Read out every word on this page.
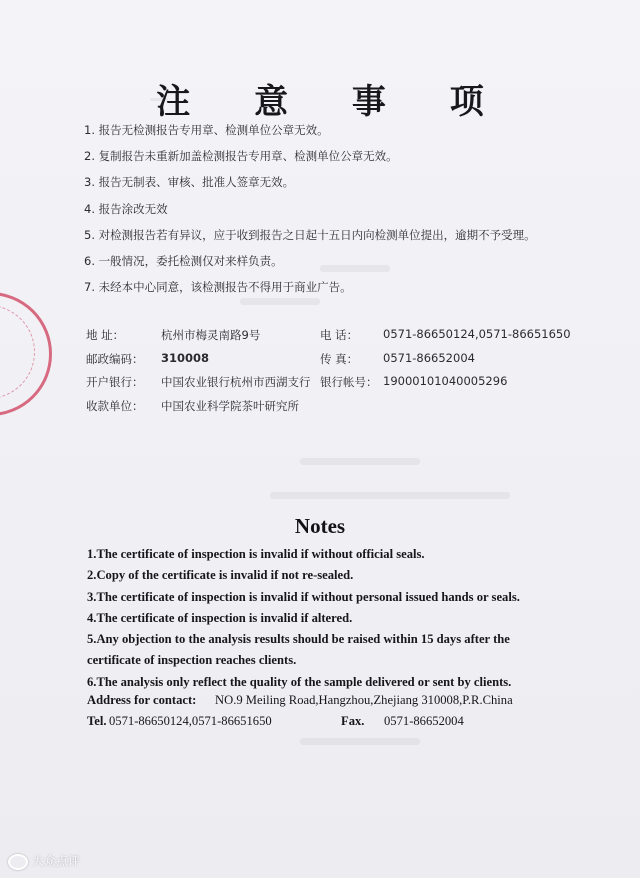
注 意 事 项
1. 报告无检测报告专用章、检测单位公章无效。
2. 复制报告未重新加盖检测报告专用章、检测单位公章无效。
3. 报告无制表、审核、批准人签章无效。
4. 报告涂改无效
5. 对检测报告若有异议，应于收到报告之日起十五日内向检测单位提出，逾期不予受理。
6. 一般情况，委托检测仅对来样负责。
7. 未经本中心同意，该检测报告不得用于商业广告。
地 址：	杭州市梅灵南路9号	电 话： 0571-86650124,0571-86651650
邮政编码： 310008	传 真： 0571-86652004
开户银行： 中国农业银行杭州市西湖支行 银行帐号： 19000101040005296
收款单位： 中国农业科学院茶叶研究所
Notes
1.The certificate of inspection is invalid if without official seals.
2.Copy of the certificate is invalid if not re-sealed.
3.The certificate of inspection is invalid if without personal issued hands or seals.
4.The certificate of inspection is invalid if altered.
5.Any objection to the analysis results should be raised within 15 days after the
certificate of inspection reaches clients.
6.The analysis only reflect the quality of the sample delivered or sent by clients.
Address for contact: NO.9 Meiling Road,Hangzhou,Zhejiang 310008,P.R.China
Tel. 0571-86650124,0571-86651650	Fax. 0571-86652004
大众点评
